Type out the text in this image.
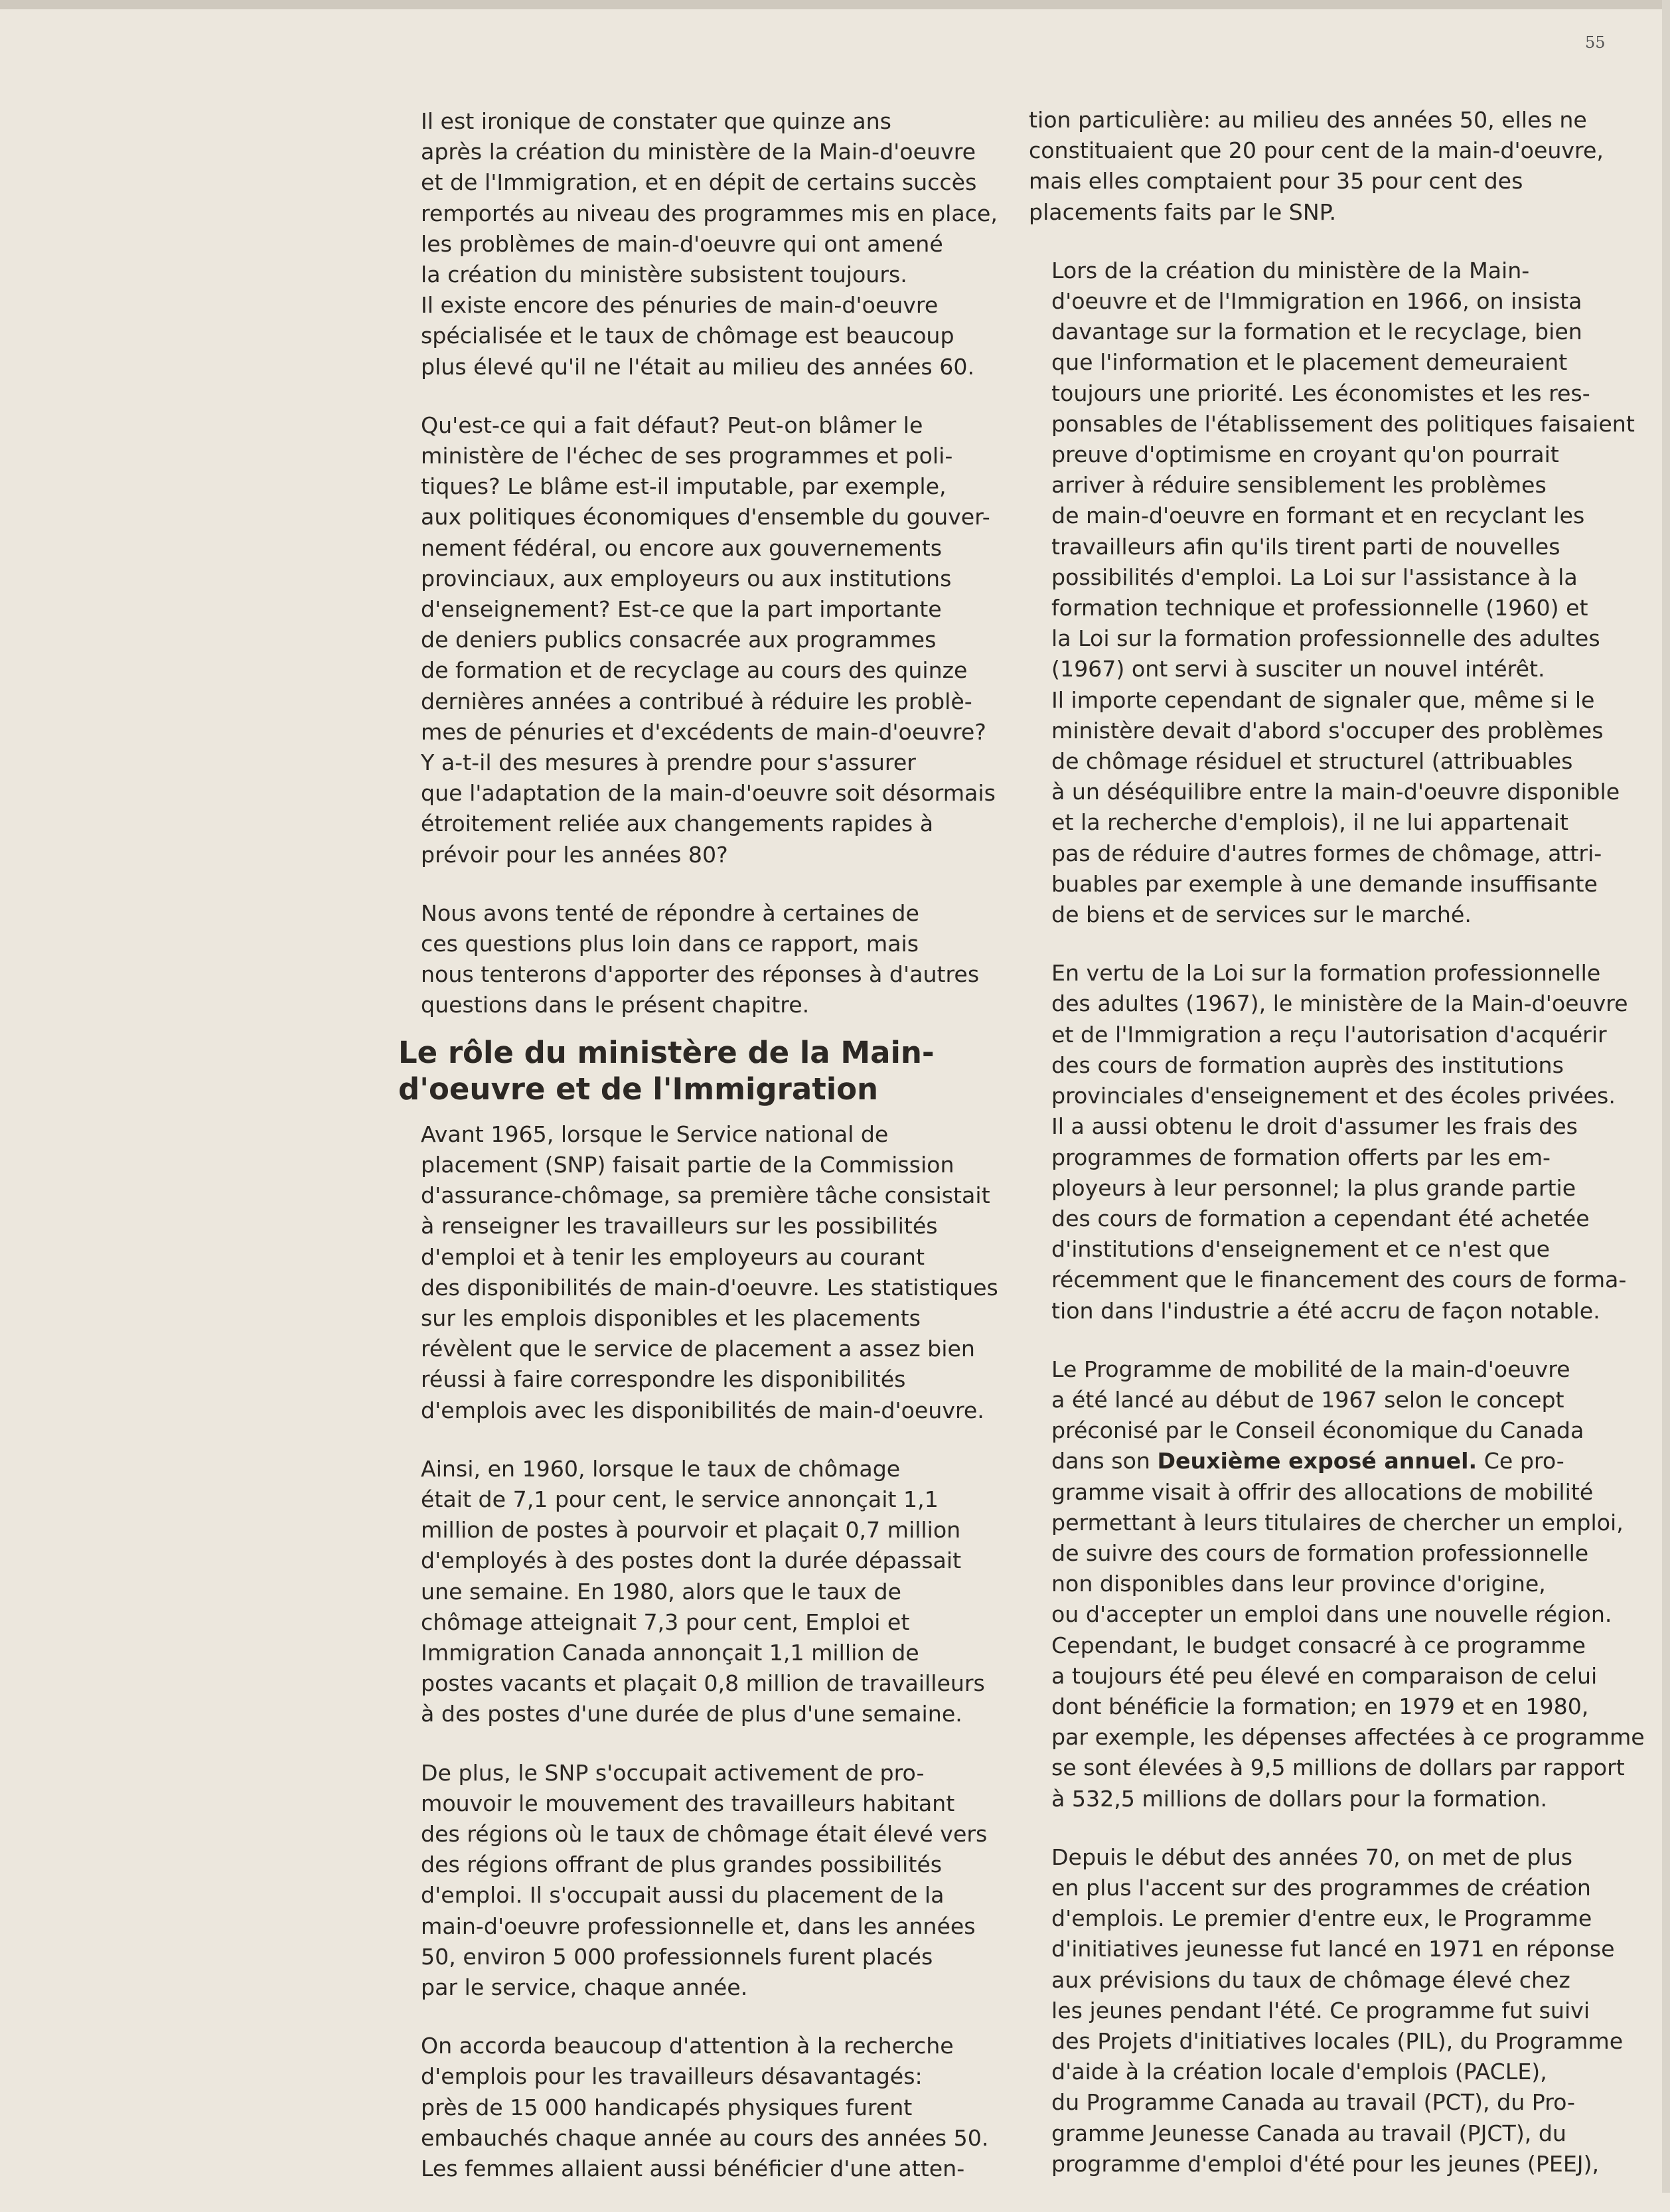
55
Il est ironique de constater que quinze ans
après la création du ministère de la Main-d'oeuvre
et de l'Immigration, et en dépit de certains succès
remportés au niveau des programmes mis en place,
les problèmes de main-d'oeuvre qui ont amené
la création du ministère subsistent toujours.
Il existe encore des pénuries de main-d'oeuvre
spécialisée et le taux de chômage est beaucoup
plus élevé qu'il ne l'était au milieu des années 60.
Qu'est-ce qui a fait défaut? Peut-on blâmer le
ministère de l'échec de ses programmes et poli-
tiques? Le blâme est-il imputable, par exemple,
aux politiques économiques d'ensemble du gouver-
nement fédéral, ou encore aux gouvernements
provinciaux, aux employeurs ou aux institutions
d'enseignement? Est-ce que la part importante
de deniers publics consacrée aux programmes
de formation et de recyclage au cours des quinze
dernières années a contribué à réduire les problè-
mes de pénuries et d'excédents de main-d'oeuvre?
Y a-t-il des mesures à prendre pour s'assurer
que l'adaptation de la main-d'oeuvre soit désormais
étroitement reliée aux changements rapides à
prévoir pour les années 80?
Nous avons tenté de répondre à certaines de
ces questions plus loin dans ce rapport, mais
nous tenterons d'apporter des réponses à d'autres
questions dans le présent chapitre.
Le rôle du ministère de la Main-
d'oeuvre et de l'Immigration
Avant 1965, lorsque le Service national de
placement (SNP) faisait partie de la Commission
d'assurance-chômage, sa première tâche consistait
à renseigner les travailleurs sur les possibilités
d'emploi et à tenir les employeurs au courant
des disponibilités de main-d'oeuvre. Les statistiques
sur les emplois disponibles et les placements
révèlent que le service de placement a assez bien
réussi à faire correspondre les disponibilités
d'emplois avec les disponibilités de main-d'oeuvre.
Ainsi, en 1960, lorsque le taux de chômage
était de 7,1 pour cent, le service annonçait 1,1
million de postes à pourvoir et plaçait 0,7 million
d'employés à des postes dont la durée dépassait
une semaine. En 1980, alors que le taux de
chômage atteignait 7,3 pour cent, Emploi et
Immigration Canada annonçait 1,1 million de
postes vacants et plaçait 0,8 million de travailleurs
à des postes d'une durée de plus d'une semaine.
De plus, le SNP s'occupait activement de pro-
mouvoir le mouvement des travailleurs habitant
des régions où le taux de chômage était élevé vers
des régions offrant de plus grandes possibilités
d'emploi. Il s'occupait aussi du placement de la
main-d'oeuvre professionnelle et, dans les années
50, environ 5 000 professionnels furent placés
par le service, chaque année.
On accorda beaucoup d'attention à la recherche
d'emplois pour les travailleurs désavantagés:
près de 15 000 handicapés physiques furent
embauchés chaque année au cours des années 50.
Les femmes allaient aussi bénéficier d'une atten-
tion particulière: au milieu des années 50, elles ne
constituaient que 20 pour cent de la main-d'oeuvre,
mais elles comptaient pour 35 pour cent des
placements faits par le SNP.
Lors de la création du ministère de la Main-
d'oeuvre et de l'Immigration en 1966, on insista
davantage sur la formation et le recyclage, bien
que l'information et le placement demeuraient
toujours une priorité. Les économistes et les res-
ponsables de l'établissement des politiques faisaient
preuve d'optimisme en croyant qu'on pourrait
arriver à réduire sensiblement les problèmes
de main-d'oeuvre en formant et en recyclant les
travailleurs afin qu'ils tirent parti de nouvelles
possibilités d'emploi. La Loi sur l'assistance à la
formation technique et professionnelle (1960) et
la Loi sur la formation professionnelle des adultes
(1967) ont servi à susciter un nouvel intérêt.
Il importe cependant de signaler que, même si le
ministère devait d'abord s'occuper des problèmes
de chômage résiduel et structurel (attribuables
à un déséquilibre entre la main-d'oeuvre disponible
et la recherche d'emplois), il ne lui appartenait
pas de réduire d'autres formes de chômage, attri-
buables par exemple à une demande insuffisante
de biens et de services sur le marché.
En vertu de la Loi sur la formation professionnelle
des adultes (1967), le ministère de la Main-d'oeuvre
et de l'Immigration a reçu l'autorisation d'acquérir
des cours de formation auprès des institutions
provinciales d'enseignement et des écoles privées.
Il a aussi obtenu le droit d'assumer les frais des
programmes de formation offerts par les em-
ployeurs à leur personnel; la plus grande partie
des cours de formation a cependant été achetée
d'institutions d'enseignement et ce n'est que
récemment que le financement des cours de forma-
tion dans l'industrie a été accru de façon notable.
Le Programme de mobilité de la main-d'oeuvre
a été lancé au début de 1967 selon le concept
préconisé par le Conseil économique du Canada
dans son Deuxième exposé annuel. Ce pro-
gramme visait à offrir des allocations de mobilité
permettant à leurs titulaires de chercher un emploi,
de suivre des cours de formation professionnelle
non disponibles dans leur province d'origine,
ou d'accepter un emploi dans une nouvelle région.
Cependant, le budget consacré à ce programme
a toujours été peu élevé en comparaison de celui
dont bénéficie la formation; en 1979 et en 1980,
par exemple, les dépenses affectées à ce programme
se sont élevées à 9,5 millions de dollars par rapport
à 532,5 millions de dollars pour la formation.
Depuis le début des années 70, on met de plus
en plus l'accent sur des programmes de création
d'emplois. Le premier d'entre eux, le Programme
d'initiatives jeunesse fut lancé en 1971 en réponse
aux prévisions du taux de chômage élevé chez
les jeunes pendant l'été. Ce programme fut suivi
des Projets d'initiatives locales (PIL), du Programme
d'aide à la création locale d'emplois (PACLE),
du Programme Canada au travail (PCT), du Pro-
gramme Jeunesse Canada au travail (PJCT), du
programme d'emploi d'été pour les jeunes (PEEJ),
